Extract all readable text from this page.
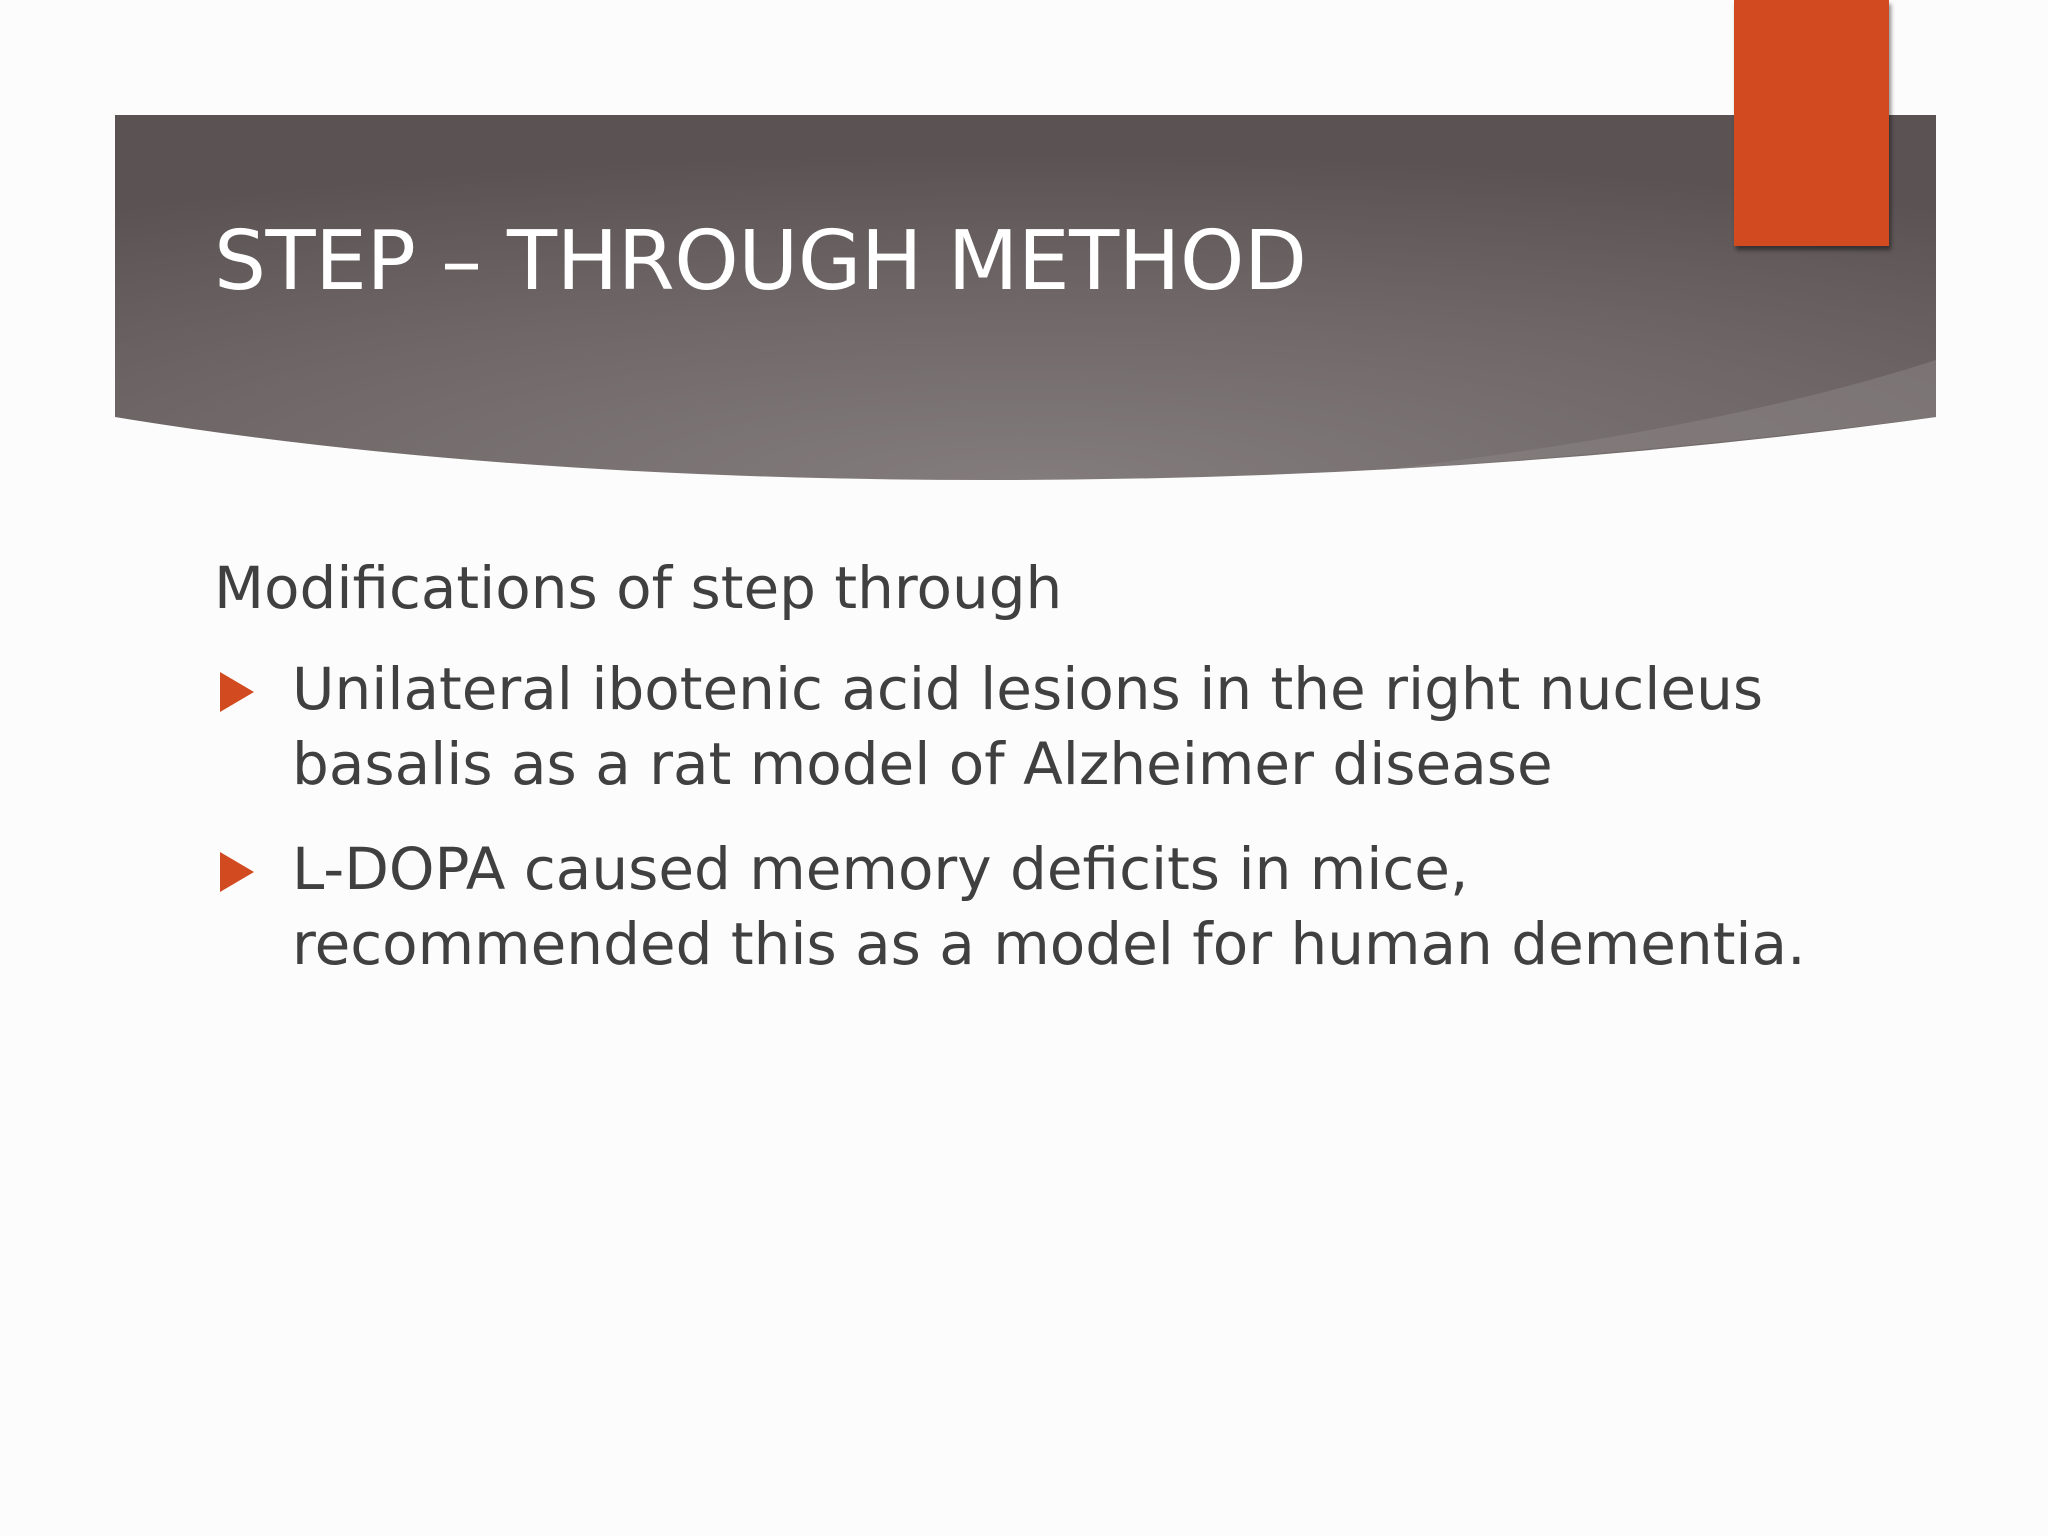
STEP – THROUGH METHOD

Modifications of step through

Unilateral ibotenic acid lesions in the right nucleus basalis as a rat model of Alzheimer disease
L-DOPA caused memory deficits in mice, recommended this as a model for human dementia.
